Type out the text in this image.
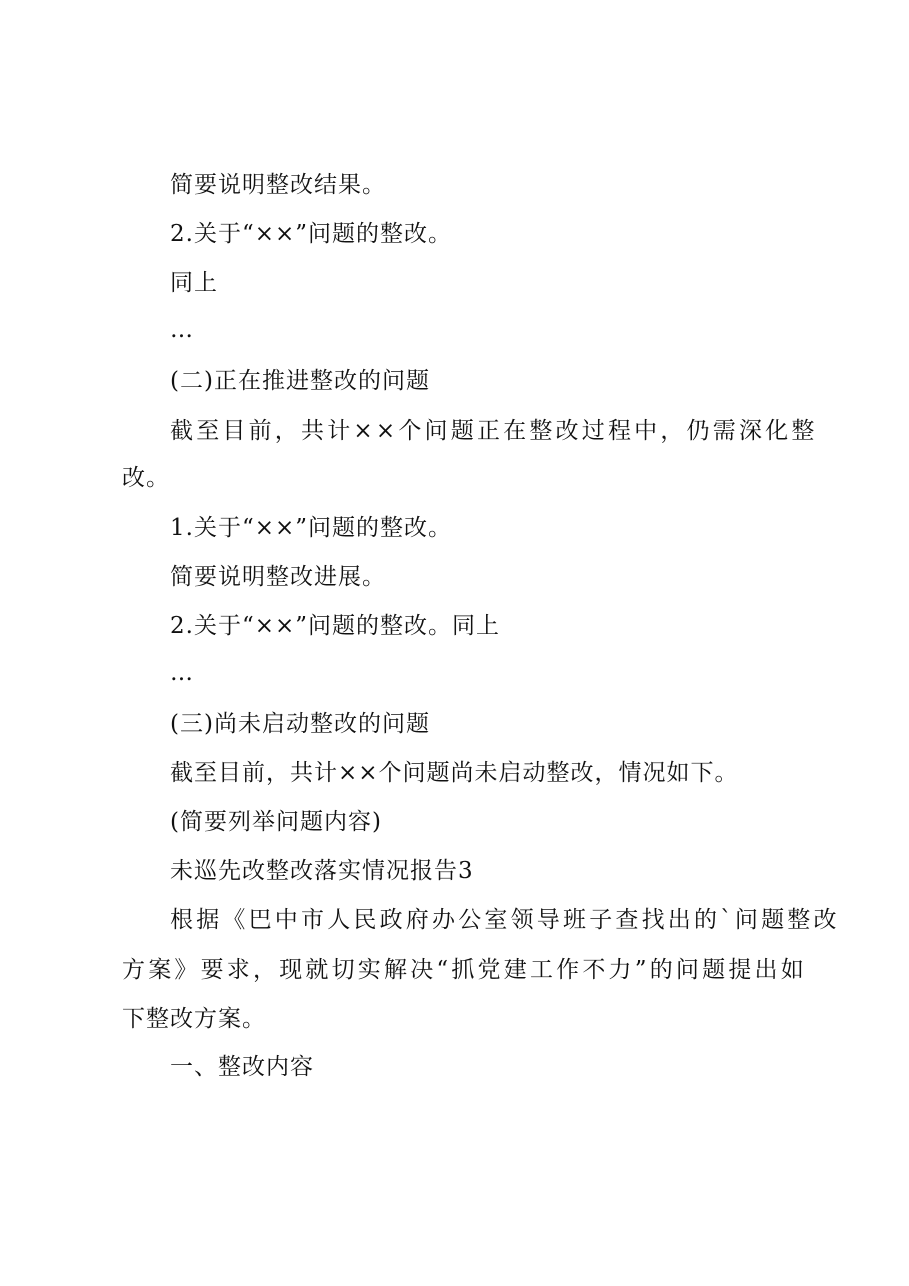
简要说明整改结果。
2.关于“××”问题的整改。
同上
…
(二)正在推进整改的问题
截至目前，共计××个问题正在整改过程中，仍需深化整
改。
1.关于“××”问题的整改。
简要说明整改进展。
2.关于“××”问题的整改。同上
…
(三)尚未启动整改的问题
截至目前，共计××个问题尚未启动整改，情况如下。
(简要列举问题内容)
未巡先改整改落实情况报告3
根据《巴中市人民政府办公室领导班子查找出的`问题整改
方案》要求，现就切实解决“抓党建工作不力”的问题提出如
下整改方案。
一、整改内容
